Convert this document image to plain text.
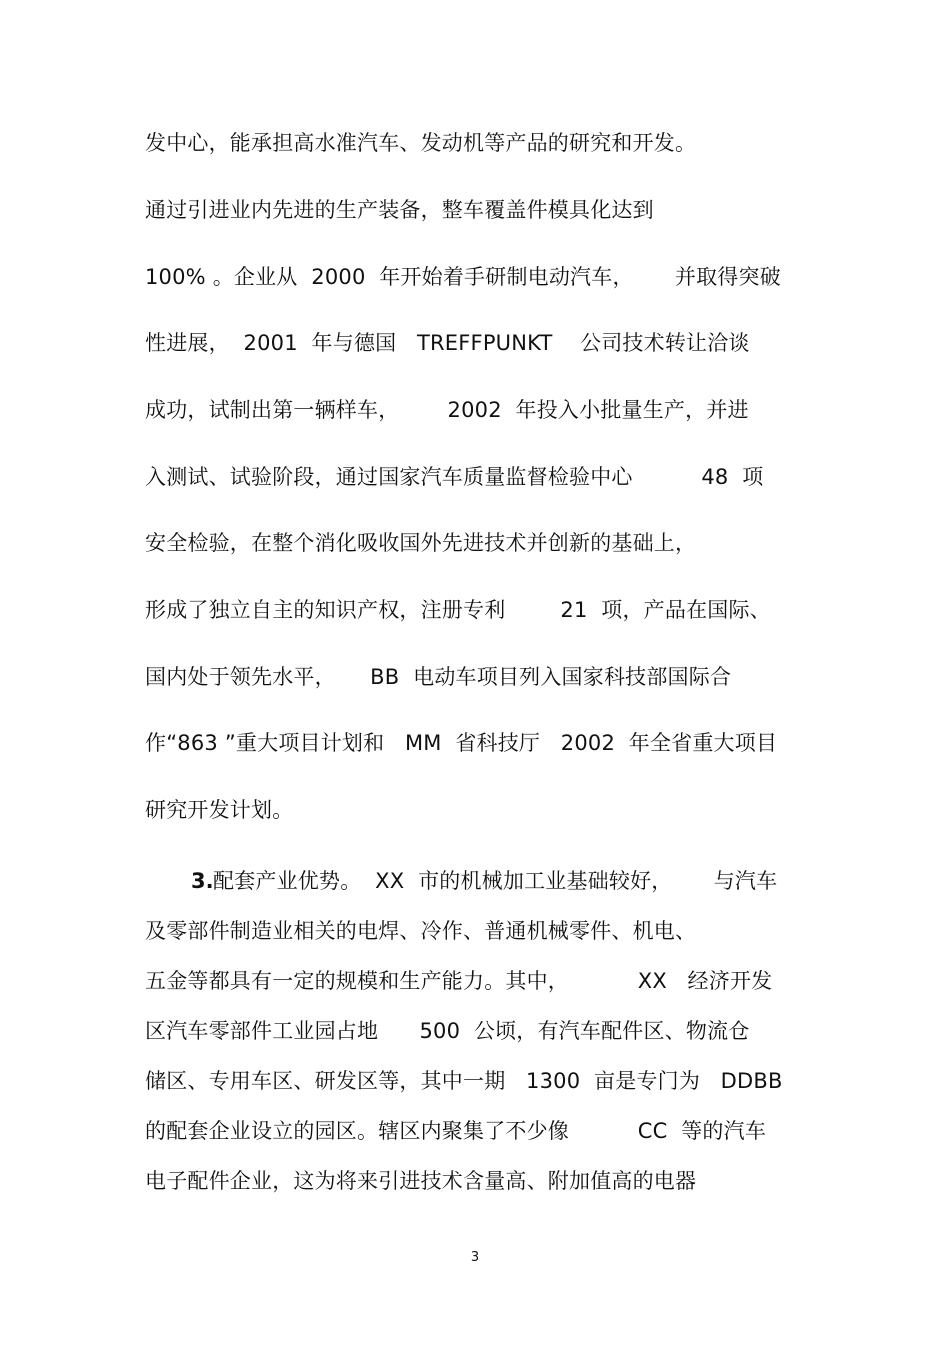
发中心，能承担高水准汽车、发动机等产品的研究和开发。
通过引进业内先进的生产装备，整车覆盖件模具化达到
100% 。企业从  2000  年开始着手研制电动汽车，      并取得突破
性进展，  2001  年与德国   TREFFPUNKT    公司技术转让洽谈
成功，试制出第一辆样车，       2002  年投入小批量生产，并进
入测试、试验阶段，通过国家汽车质量监督检验中心          48  项
安全检验，在整个消化吸收国外先进技术并创新的基础上，
形成了独立自主的知识产权，注册专利        21  项，产品在国际、
国内处于领先水平，     BB  电动车项目列入国家科技部国际合
作“863 ”重大项目计划和   MM  省科技厅   2002  年全省重大项目
研究开发计划。
3. 配套产业优势。  XX  市的机械加工业基础较好，      与汽车
及零部件制造业相关的电焊、冷作、普通机械零件、机电、
五金等都具有一定的规模和生产能力。其中，          XX   经济开发
区汽车零部件工业园占地      500  公顷，有汽车配件区、物流仓
储区、专用车区、研发区等，其中一期   1300  亩是专门为   DDBB
的配套企业设立的园区。辖区内聚集了不少像          CC  等的汽车
电子配件企业，这为将来引进技术含量高、附加值高的电器
3
